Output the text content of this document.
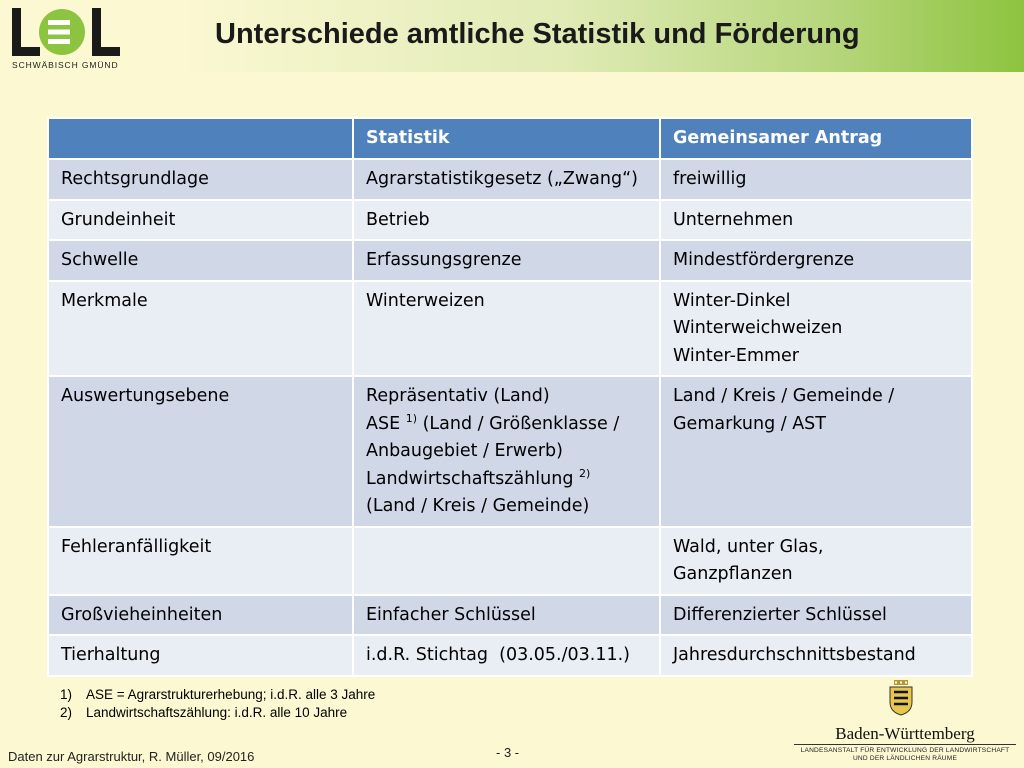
SCHWÄBISCH GMÜND
Unterschiede amtliche Statistik und Förderung
	Statistik	Gemeinsamer Antrag
Rechtsgrundlage	Agrarstatistikgesetz („Zwang“)	freiwillig

Grundeinheit	Betrieb	Unternehmen

Schwelle	Erfassungsgrenze	Mindestfördergrenze

Merkmale	Winterweizen	Winter-Dinkel
Winterweichweizen
Winter-Emmer

Auswertungsebene	Repräsentativ (Land)
ASE $^{1)}$ (Land / Größenklasse /
Anbaugebiet / Erwerb)
Landwirtschaftszählung $^{2)}$
(Land / Kreis / Gemeinde)	Land / Kreis / Gemeinde /
Gemarkung / AST

Fehleranfälligkeit		Wald, unter Glas,
Ganzpflanzen

Großvieheinheiten	Einfacher Schlüssel	Differenzierter Schlüssel

Tierhaltung	i.d.R. Stichtag  (03.05./03.11.)	Jahresdurchschnittsbestand
1)	ASE = Agrarstrukturerhebung; i.d.R. alle 3 Jahre
2)	Landwirtschaftszählung: i.d.R. alle 10 Jahre
Daten zur Agrarstruktur, R. Müller, 09/2016	- 3 -
Baden-Württemberg
LANDESANSTALT FÜR ENTWICKLUNG DER LANDWIRTSCHAFT
UND DER LÄNDLICHEN RÄUME
